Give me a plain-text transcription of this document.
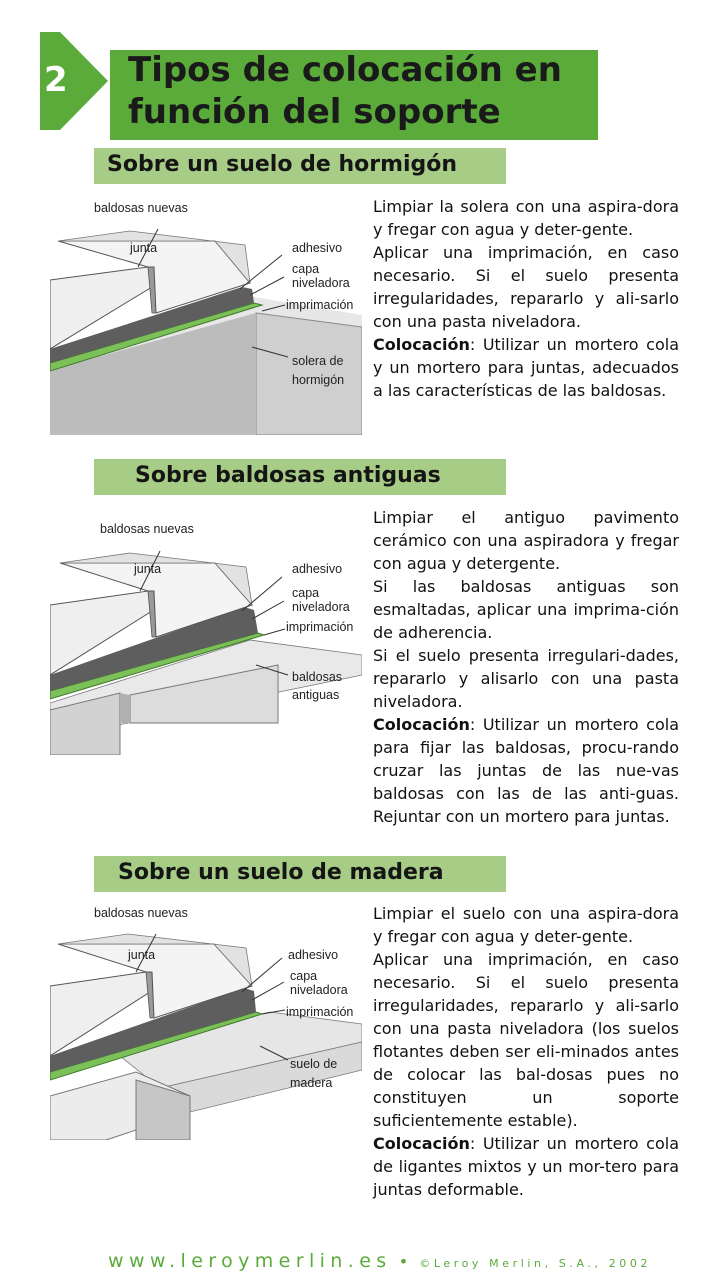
2	Tipos de colocación en
función del soporte
Sobre un suelo de hormigón
baldosas nuevas
junta	adhesivo
capa
niveladora
imprimación
solera de
hormigón

Limpiar la solera con una aspira-dora y fregar con agua y deter-gente.

Aplicar una imprimación, en caso necesario. Si el suelo presenta irregularidades, repararlo y ali-sarlo con una pasta niveladora.

Colocación: Utilizar un mortero cola y un mortero para juntas, adecuados a las características de las baldosas.

Sobre baldosas antiguas
baldosas nuevas
junta	adhesivo
capa
niveladora
imprimación
baldosas
antiguas

Limpiar el antiguo pavimento cerámico con una aspiradora y fregar con agua y detergente.

Si las baldosas antiguas son esmaltadas, aplicar una imprima-ción de adherencia.

Si el suelo presenta irregulari-dades, repararlo y alisarlo con una pasta niveladora.

Colocación: Utilizar un mortero cola para fijar las baldosas, procu-rando cruzar las juntas de las nue-vas baldosas con las de las anti-guas. Rejuntar con un mortero para juntas.

Sobre un suelo de madera
baldosas nuevas
junta	adhesivo
capa
niveladora
imprimación
suelo de
madera

Limpiar el suelo con una aspira-dora y fregar con agua y deter-gente.

Aplicar una imprimación, en caso necesario. Si el suelo presenta irregularidades, repararlo y ali-sarlo con una pasta niveladora (los suelos flotantes deben ser eli-minados antes de colocar las bal-dosas pues no constituyen un soporte suficientemente estable).

Colocación: Utilizar un mortero cola de ligantes mixtos y un mor-tero para juntas deformable.

www.leroymerlin.es • ©Leroy Merlin, S.A., 2002
